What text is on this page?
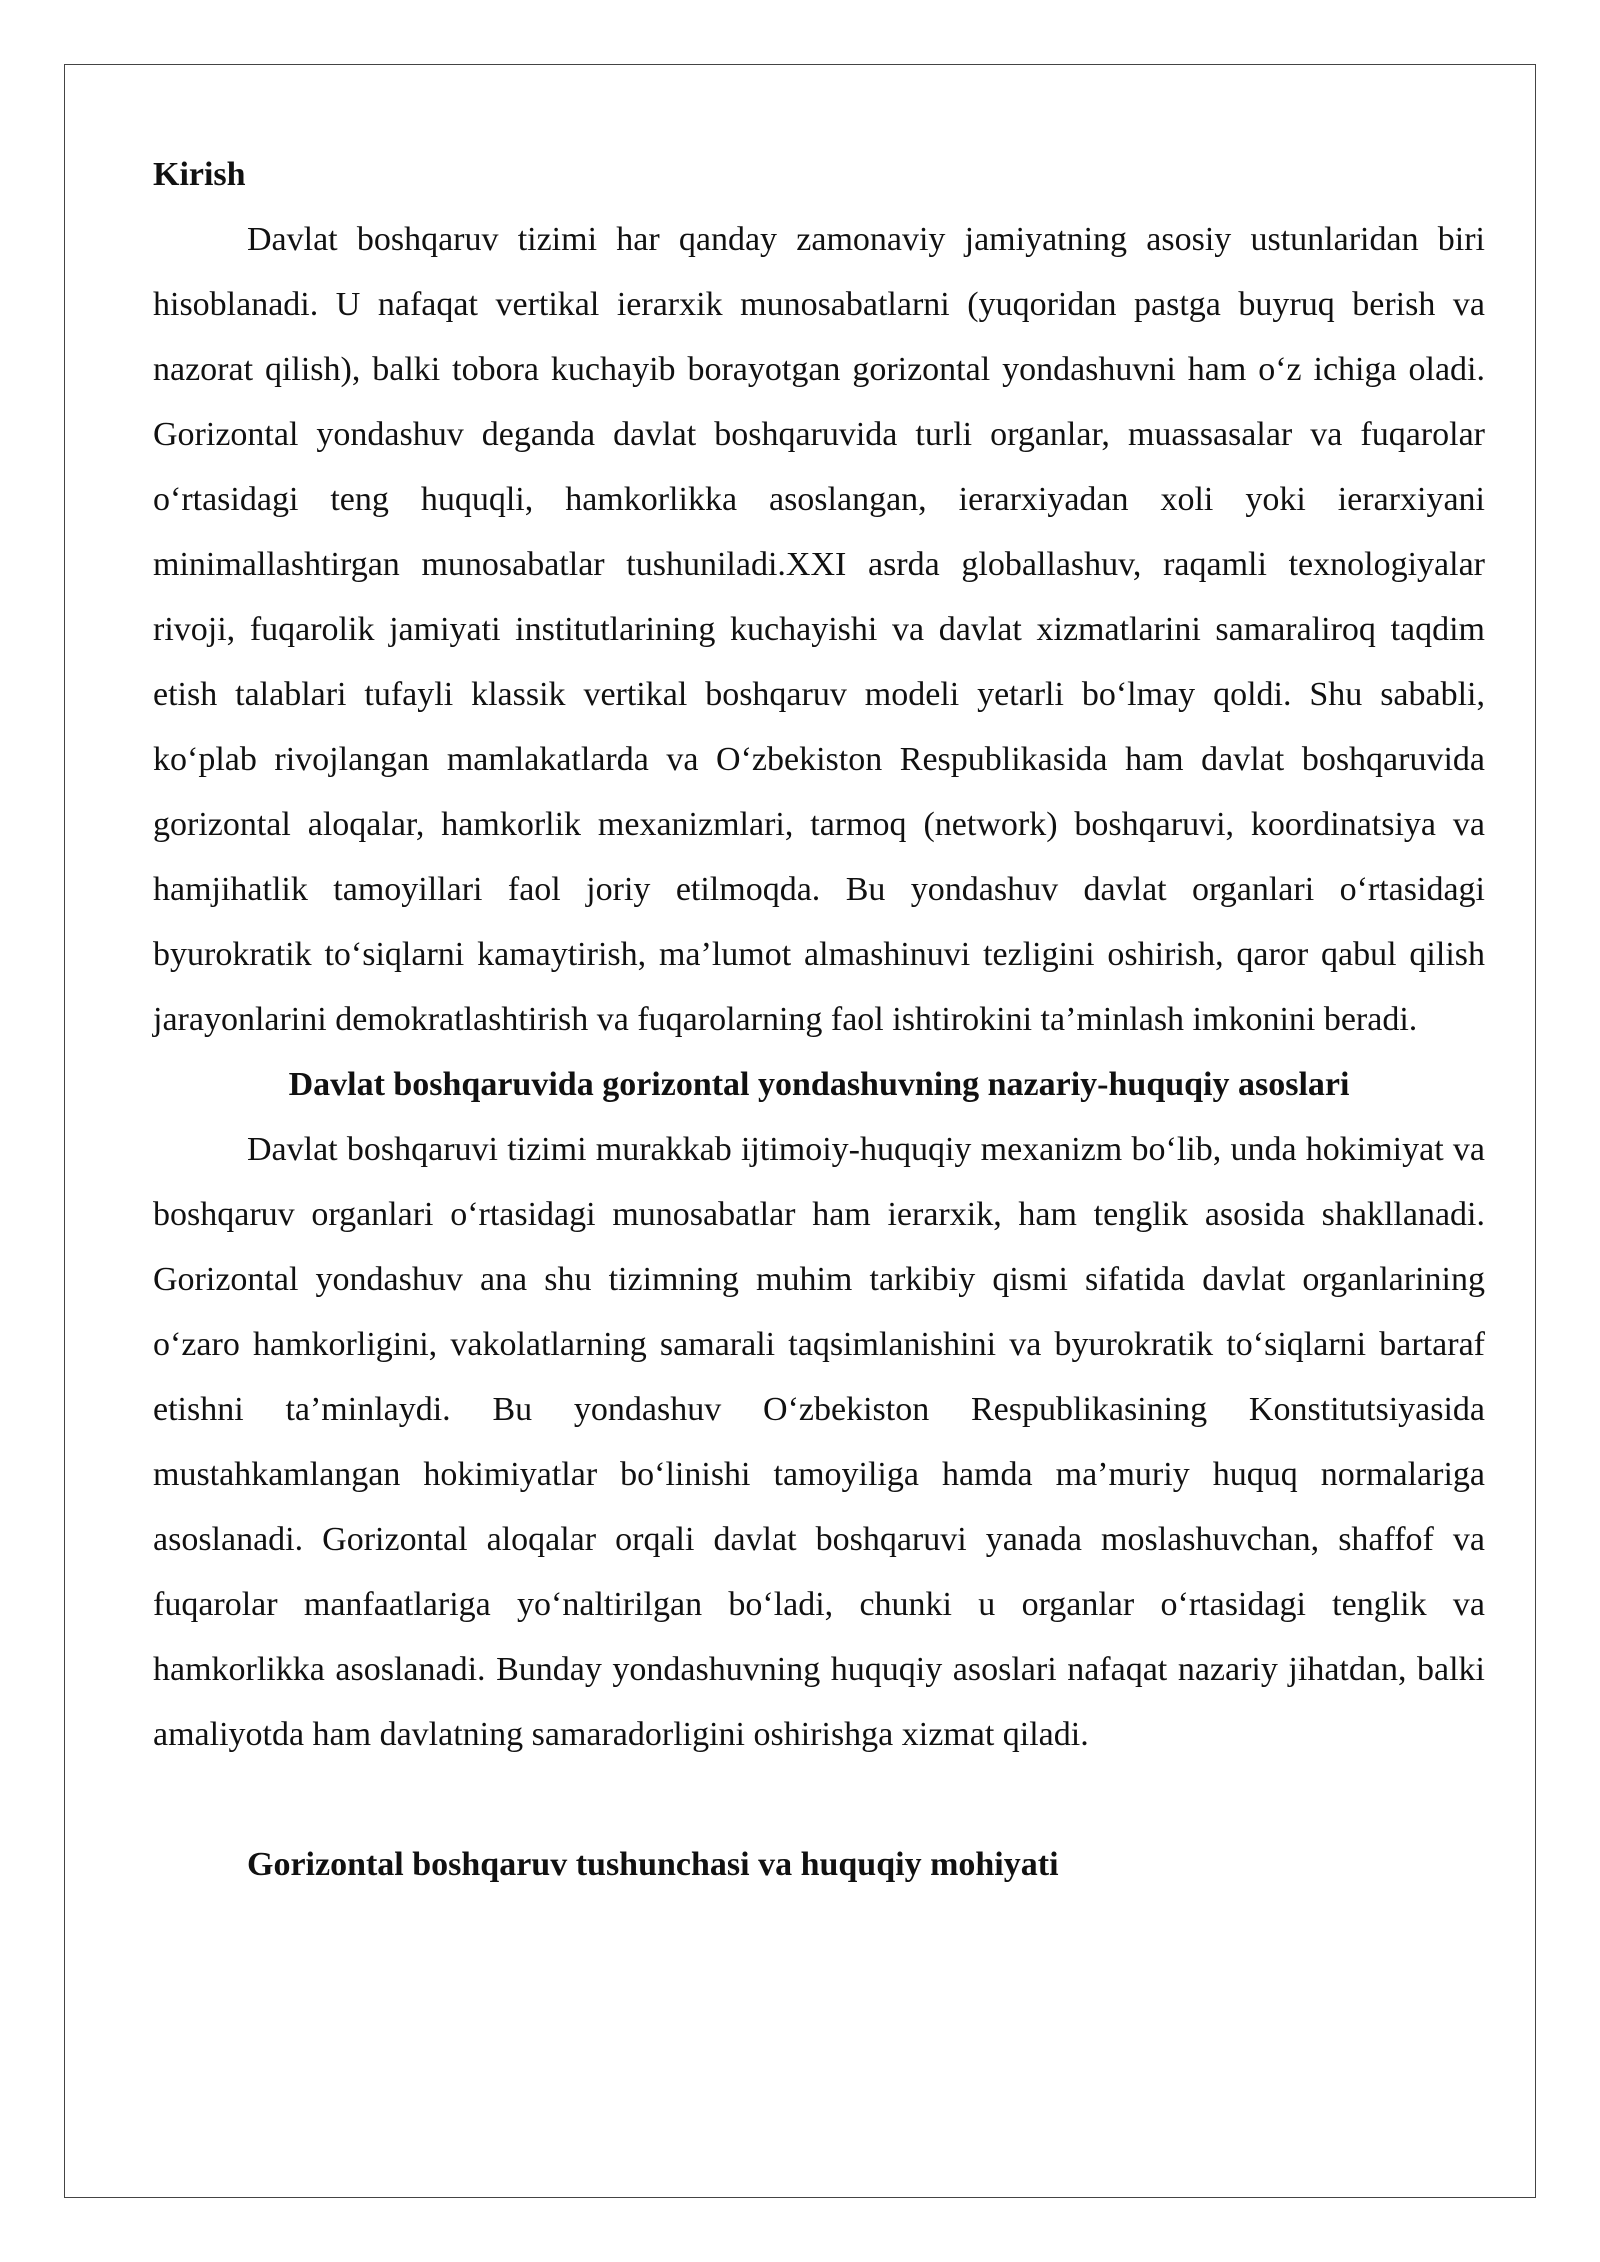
Kirish

Davlat boshqaruv tizimi har qanday zamonaviy jamiyatning asosiy ustunlaridan biri hisoblanadi. U nafaqat vertikal ierarxik munosabatlarni (yuqoridan pastga buyruq berish va nazorat qilish), balki tobora kuchayib borayotgan gorizontal yondashuvni ham o‘z ichiga oladi. Gorizontal yondashuv deganda davlat boshqaruvida turli organlar, muassasalar va fuqarolar o‘rtasidagi teng huquqli, hamkorlikka asoslangan, ierarxiyadan xoli yoki ierarxiyani minimallashtirgan munosabatlar tushuniladi.XXI asrda globallashuv, raqamli texnologiyalar rivoji, fuqarolik jamiyati institutlarining kuchayishi va davlat xizmatlarini samaraliroq taqdim etish talablari tufayli klassik vertikal boshqaruv modeli yetarli bo‘lmay qoldi. Shu sababli, ko‘plab rivojlangan mamlakatlarda va O‘zbekiston Respublikasida ham davlat boshqaruvida gorizontal aloqalar, hamkorlik mexanizmlari, tarmoq (network) boshqaruvi, koordinatsiya va hamjihatlik tamoyillari faol joriy etilmoqda. Bu yondashuv davlat organlari o‘rtasidagi byurokratik to‘siqlarni kamaytirish, ma’lumot almashinuvi tezligini oshirish, qaror qabul qilish jarayonlarini demokratlashtirish va fuqarolarning faol ishtirokini ta’minlash imkonini beradi.

Davlat boshqaruvida gorizontal yondashuvning nazariy-huquqiy asoslari

Davlat boshqaruvi tizimi murakkab ijtimoiy-huquqiy mexanizm bo‘lib, unda hokimiyat va boshqaruv organlari o‘rtasidagi munosabatlar ham ierarxik, ham tenglik asosida shakllanadi. Gorizontal yondashuv ana shu tizimning muhim tarkibiy qismi sifatida davlat organlarining o‘zaro hamkorligini, vakolatlarning samarali taqsimlanishini va byurokratik to‘siqlarni bartaraf etishni ta’minlaydi. Bu yondashuv O‘zbekiston Respublikasining Konstitutsiyasida mustahkamlangan hokimiyatlar bo‘linishi tamoyiliga hamda ma’muriy huquq normalariga asoslanadi. Gorizontal aloqalar orqali davlat boshqaruvi yanada moslashuvchan, shaffof va fuqarolar manfaatlariga yo‘naltirilgan bo‘ladi, chunki u organlar o‘rtasidagi tenglik va hamkorlikka asoslanadi. Bunday yondashuvning huquqiy asoslari nafaqat nazariy jihatdan, balki amaliyotda ham davlatning samaradorligini oshirishga xizmat qiladi.

Gorizontal boshqaruv tushunchasi va huquqiy mohiyati
